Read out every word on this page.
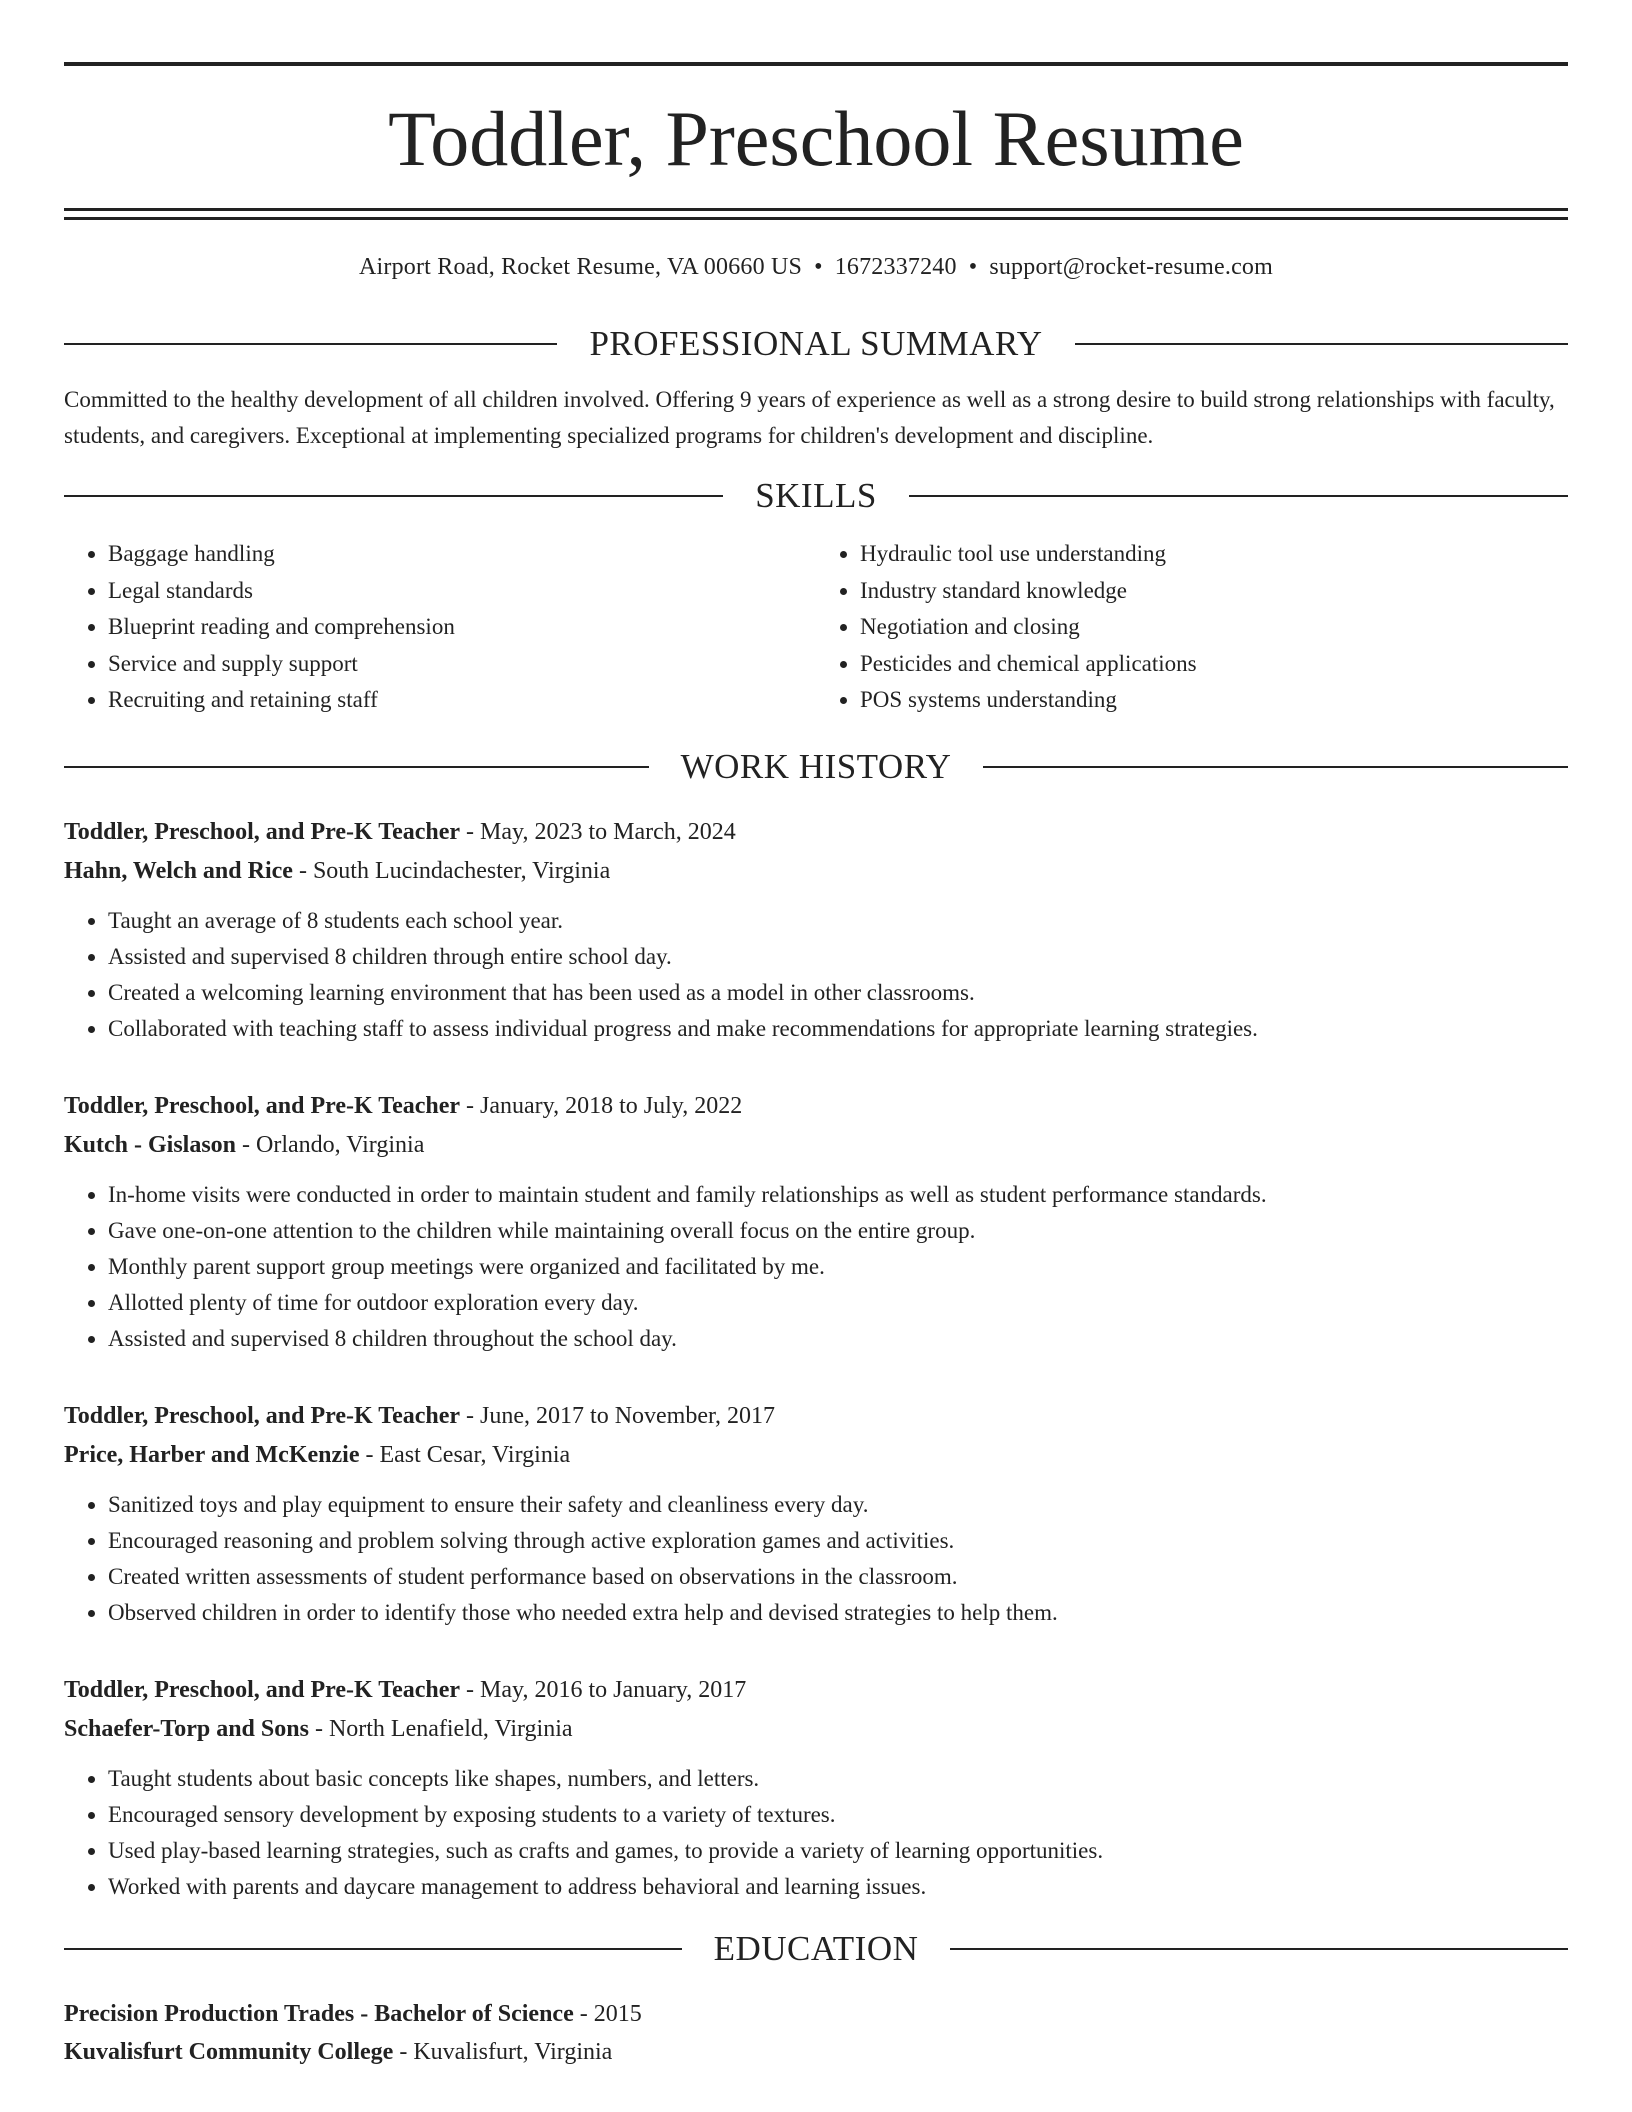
Toddler, Preschool Resume
Airport Road, Rocket Resume, VA 00660 US • 1672337240 • support@rocket-resume.com
PROFESSIONAL SUMMARY
Committed to the healthy development of all children involved. Offering 9 years of experience as well as a strong desire to build strong relationships with faculty, students, and caregivers. Exceptional at implementing specialized programs for children's development and discipline.
SKILLS
• Baggage handling
• Legal standards
• Blueprint reading and comprehension
• Service and supply support
• Recruiting and retaining staff
• Hydraulic tool use understanding
• Industry standard knowledge
• Negotiation and closing
• Pesticides and chemical applications
• POS systems understanding
WORK HISTORY
Toddler, Preschool, and Pre-K Teacher - May, 2023 to March, 2024
Hahn, Welch and Rice - South Lucindachester, Virginia
• Taught an average of 8 students each school year.
• Assisted and supervised 8 children through entire school day.
• Created a welcoming learning environment that has been used as a model in other classrooms.
• Collaborated with teaching staff to assess individual progress and make recommendations for appropriate learning strategies.
Toddler, Preschool, and Pre-K Teacher - January, 2018 to July, 2022
Kutch - Gislason - Orlando, Virginia
• In-home visits were conducted in order to maintain student and family relationships as well as student performance standards.
• Gave one-on-one attention to the children while maintaining overall focus on the entire group.
• Monthly parent support group meetings were organized and facilitated by me.
• Allotted plenty of time for outdoor exploration every day.
• Assisted and supervised 8 children throughout the school day.
Toddler, Preschool, and Pre-K Teacher - June, 2017 to November, 2017
Price, Harber and McKenzie - East Cesar, Virginia
• Sanitized toys and play equipment to ensure their safety and cleanliness every day.
• Encouraged reasoning and problem solving through active exploration games and activities.
• Created written assessments of student performance based on observations in the classroom.
• Observed children in order to identify those who needed extra help and devised strategies to help them.
Toddler, Preschool, and Pre-K Teacher - May, 2016 to January, 2017
Schaefer-Torp and Sons - North Lenafield, Virginia
• Taught students about basic concepts like shapes, numbers, and letters.
• Encouraged sensory development by exposing students to a variety of textures.
• Used play-based learning strategies, such as crafts and games, to provide a variety of learning opportunities.
• Worked with parents and daycare management to address behavioral and learning issues.
EDUCATION
Precision Production Trades - Bachelor of Science - 2015
Kuvalisfurt Community College - Kuvalisfurt, Virginia
